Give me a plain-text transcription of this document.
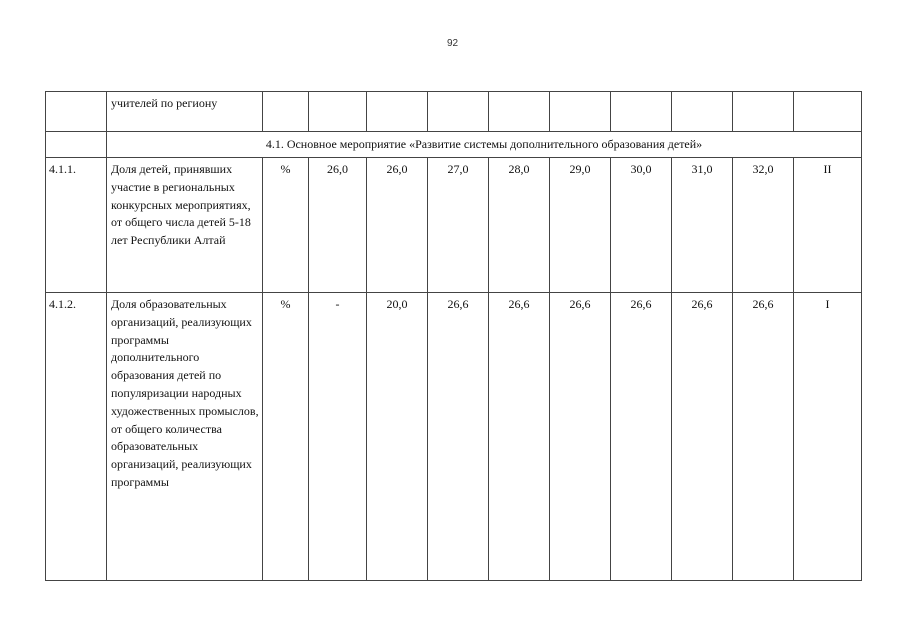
92
	учителей по региону										
	4.1. Основное мероприятие «Развитие системы дополнительного образования детей»										
4.1.1.	Доля детей, принявших участие в региональных конкурсных мероприятиях, от общего числа детей 5-18 лет Республики Алтай	%	26,0	26,0	27,0	28,0	29,0	30,0	31,0	32,0	II
4.1.2.	Доля образовательных организаций, реализующих программы дополнительного образования детей по популяризации народных художественных промыслов, от общего количества образовательных организаций, реализующих программы	%	-	20,0	26,6	26,6	26,6	26,6	26,6	26,6	I
